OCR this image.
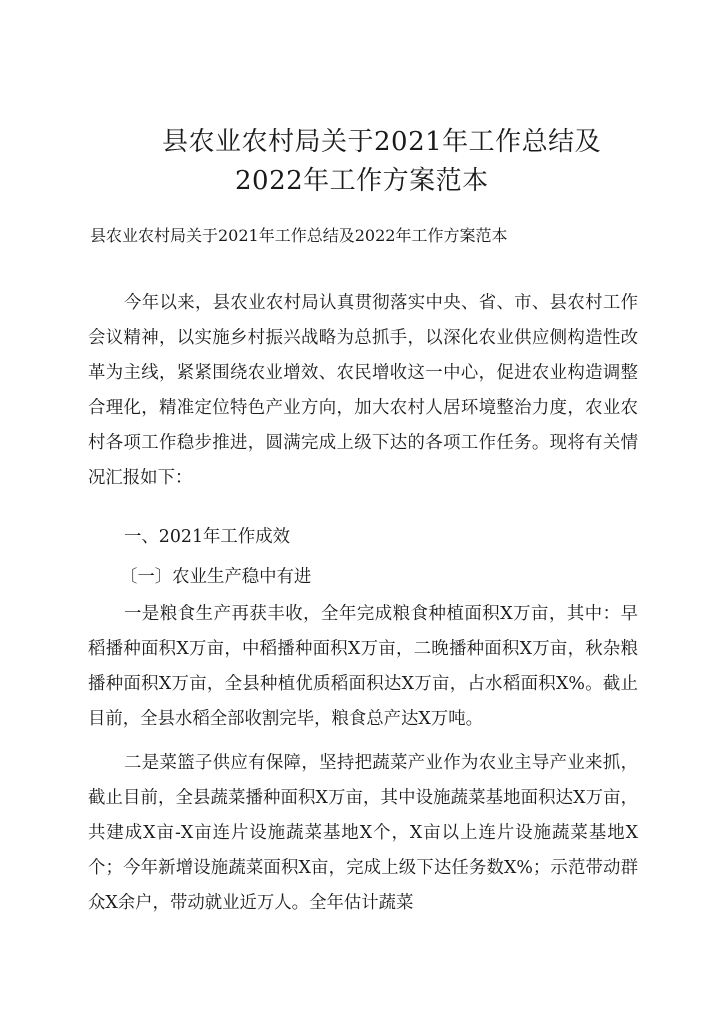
县农业农村局关于2021年工作总结及
2022年工作方案范本
县农业农村局关于2021年工作总结及2022年工作方案范本
今年以来，县农业农村局认真贯彻落实中央、省、市、县农村工作会议精神，以实施乡村振兴战略为总抓手，以深化农业供应侧构造性改革为主线，紧紧围绕农业增效、农民增收这一中心，促进农业构造调整合理化，精准定位特色产业方向，加大农村人居环境整治力度，农业农村各项工作稳步推进，圆满完成上级下达的各项工作任务。现将有关情况汇报如下：
一、2021年工作成效
〔一〕农业生产稳中有进
一是粮食生产再获丰收，全年完成粮食种植面积X万亩，其中：早稻播种面积X万亩，中稻播种面积X万亩，二晚播种面积X万亩，秋杂粮播种面积X万亩，全县种植优质稻面积达X万亩，占水稻面积X%。截止目前，全县水稻全部收割完毕，粮食总产达X万吨。
二是菜篮子供应有保障，坚持把蔬菜产业作为农业主导产业来抓，截止目前，全县蔬菜播种面积X万亩，其中设施蔬菜基地面积达X万亩，共建成X亩-X亩连片设施蔬菜基地X个，X亩以上连片设施蔬菜基地X个；今年新增设施蔬菜面积X亩，完成上级下达任务数X%；示范带动群众X余户，带动就业近万人。全年估计蔬菜
